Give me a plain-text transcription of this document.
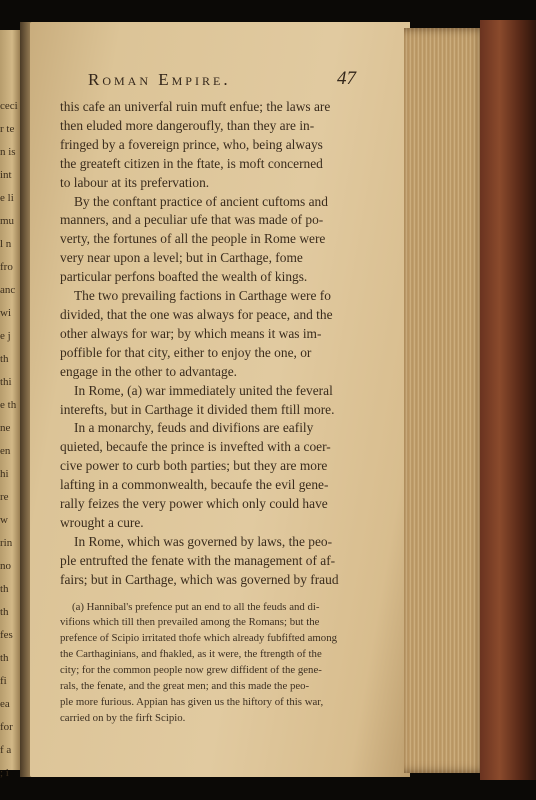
ceci
r te
n is
int
e li
mu
l n
fro
anc
wi
e j
th
thi
e th
ne
en
hi
re
w
rin
no
th
th
fes
th
fi
ea
for
f a
; i
Roman Empire.	47
this cafe an univerfal ruin muft enfue; the laws are
then eluded more dangeroufly, than they are in-
fringed by a fovereign prince, who, being always
the greateft citizen in the ftate, is moft concerned
to labour at its prefervation.
By the conftant practice of ancient cuftoms and
manners, and a peculiar ufe that was made of po-
verty, the fortunes of all the people in Rome were
very near upon a level; but in Carthage, fome
particular perfons boafted the wealth of kings.
The two prevailing factions in Carthage were fo
divided, that the one was always for peace, and the
other always for war; by which means it was im-
poffible for that city, either to enjoy the one, or
engage in the other to advantage.
In Rome, (a) war immediately united the feveral
interefts, but in Carthage it divided them ftill more.
In a monarchy, feuds and divifions are eafily
quieted, becaufe the prince is invefted with a coer-
cive power to curb both parties; but they are more
lafting in a commonwealth, becaufe the evil gene-
rally feizes the very power which only could have
wrought a cure.
In Rome, which was governed by laws, the peo-
ple entrufted the fenate with the management of af-
fairs; but in Carthage, which was governed by fraud
(a) Hannibal's prefence put an end to all the feuds and di-
vifions which till then prevailed among the Romans; but the
prefence of Scipio irritated thofe which already fubfifted among
the Carthaginians, and fhakled, as it were, the ftrength of the
city; for the common people now grew diffident of the gene-
rals, the fenate, and the great men; and this made the peo-
ple more furious. Appian has given us the hiftory of this war,
carried on by the firft Scipio.
